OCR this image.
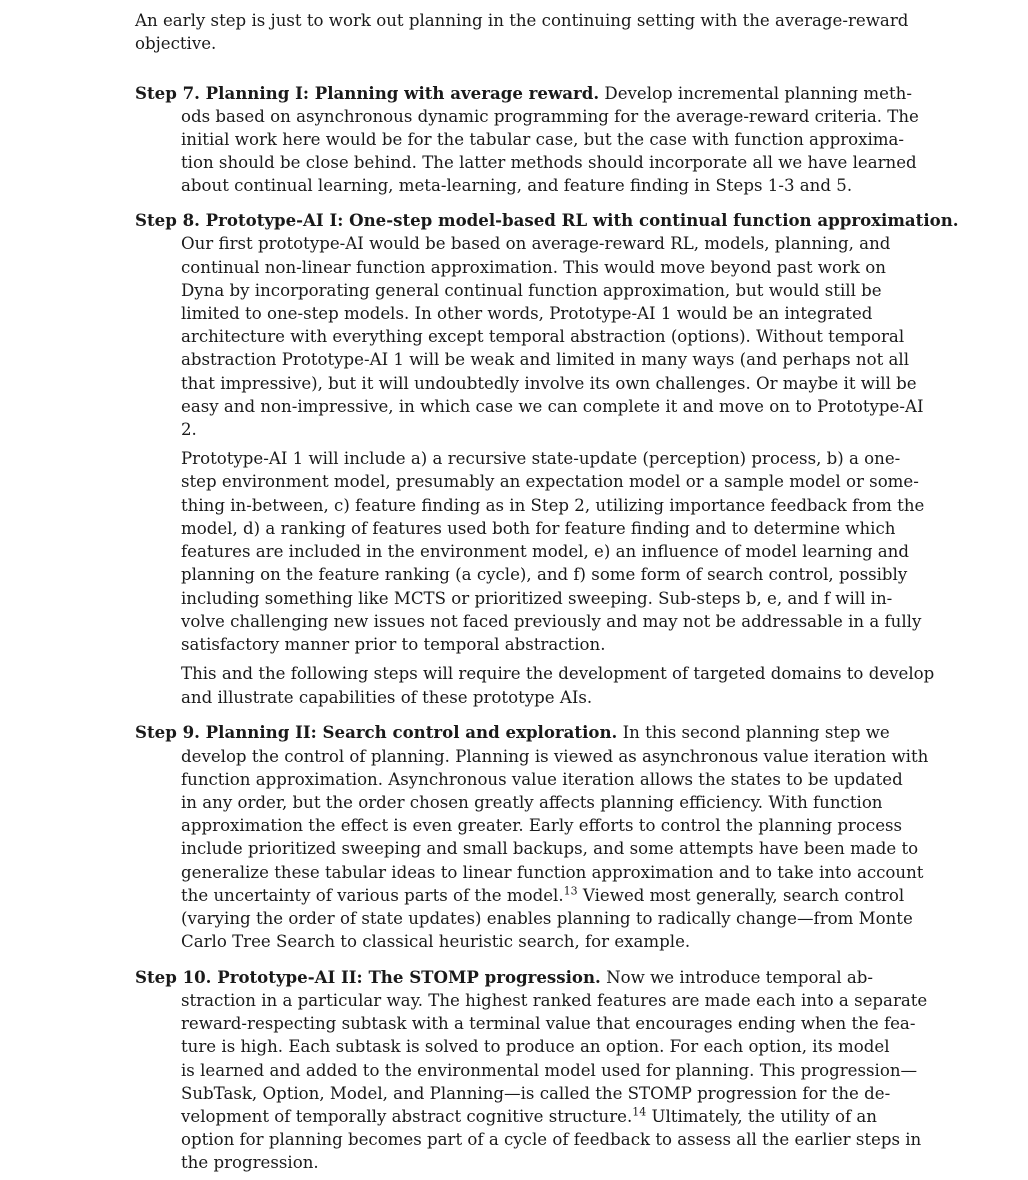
An early step is just to work out planning in the continuing setting with the average-reward

objective.

Step 7. Planning I: Planning with average reward. Develop incremental planning meth-

ods based on asynchronous dynamic programming for the average-reward criteria. The

initial work here would be for the tabular case, but the case with function approxima-

tion should be close behind. The latter methods should incorporate all we have learned

about continual learning, meta-learning, and feature finding in Steps 1-3 and 5.

Step 8. Prototype-AI I: One-step model-based RL with continual function approximation.

Our first prototype-AI would be based on average-reward RL, models, planning, and

continual non-linear function approximation. This would move beyond past work on

Dyna by incorporating general continual function approximation, but would still be

limited to one-step models. In other words, Prototype-AI 1 would be an integrated

architecture with everything except temporal abstraction (options). Without temporal

abstraction Prototype-AI 1 will be weak and limited in many ways (and perhaps not all

that impressive), but it will undoubtedly involve its own challenges. Or maybe it will be

easy and non-impressive, in which case we can complete it and move on to Prototype-AI

2.

Prototype-AI 1 will include a) a recursive state-update (perception) process, b) a one-

step environment model, presumably an expectation model or a sample model or some-

thing in-between, c) feature finding as in Step 2, utilizing importance feedback from the

model, d) a ranking of features used both for feature finding and to determine which

features are included in the environment model, e) an influence of model learning and

planning on the feature ranking (a cycle), and f) some form of search control, possibly

including something like MCTS or prioritized sweeping. Sub-steps b, e, and f will in-

volve challenging new issues not faced previously and may not be addressable in a fully

satisfactory manner prior to temporal abstraction.

This and the following steps will require the development of targeted domains to develop

and illustrate capabilities of these prototype AIs.

Step 9. Planning II: Search control and exploration. In this second planning step we

develop the control of planning. Planning is viewed as asynchronous value iteration with

function approximation. Asynchronous value iteration allows the states to be updated

in any order, but the order chosen greatly affects planning efficiency. With function

approximation the effect is even greater. Early efforts to control the planning process

include prioritized sweeping and small backups, and some attempts have been made to

generalize these tabular ideas to linear function approximation and to take into account

the uncertainty of various parts of the model.$^{13}$ Viewed most generally, search control

(varying the order of state updates) enables planning to radically change—from Monte

Carlo Tree Search to classical heuristic search, for example.

Step 10. Prototype-AI II: The STOMP progression. Now we introduce temporal ab-

straction in a particular way. The highest ranked features are made each into a separate

reward-respecting subtask with a terminal value that encourages ending when the fea-

ture is high. Each subtask is solved to produce an option. For each option, its model

is learned and added to the environmental model used for planning. This progression—

SubTask, Option, Model, and Planning—is called the STOMP progression for the de-

velopment of temporally abstract cognitive structure.$^{14}$ Ultimately, the utility of an

option for planning becomes part of a cycle of feedback to assess all the earlier steps in

the progression.
